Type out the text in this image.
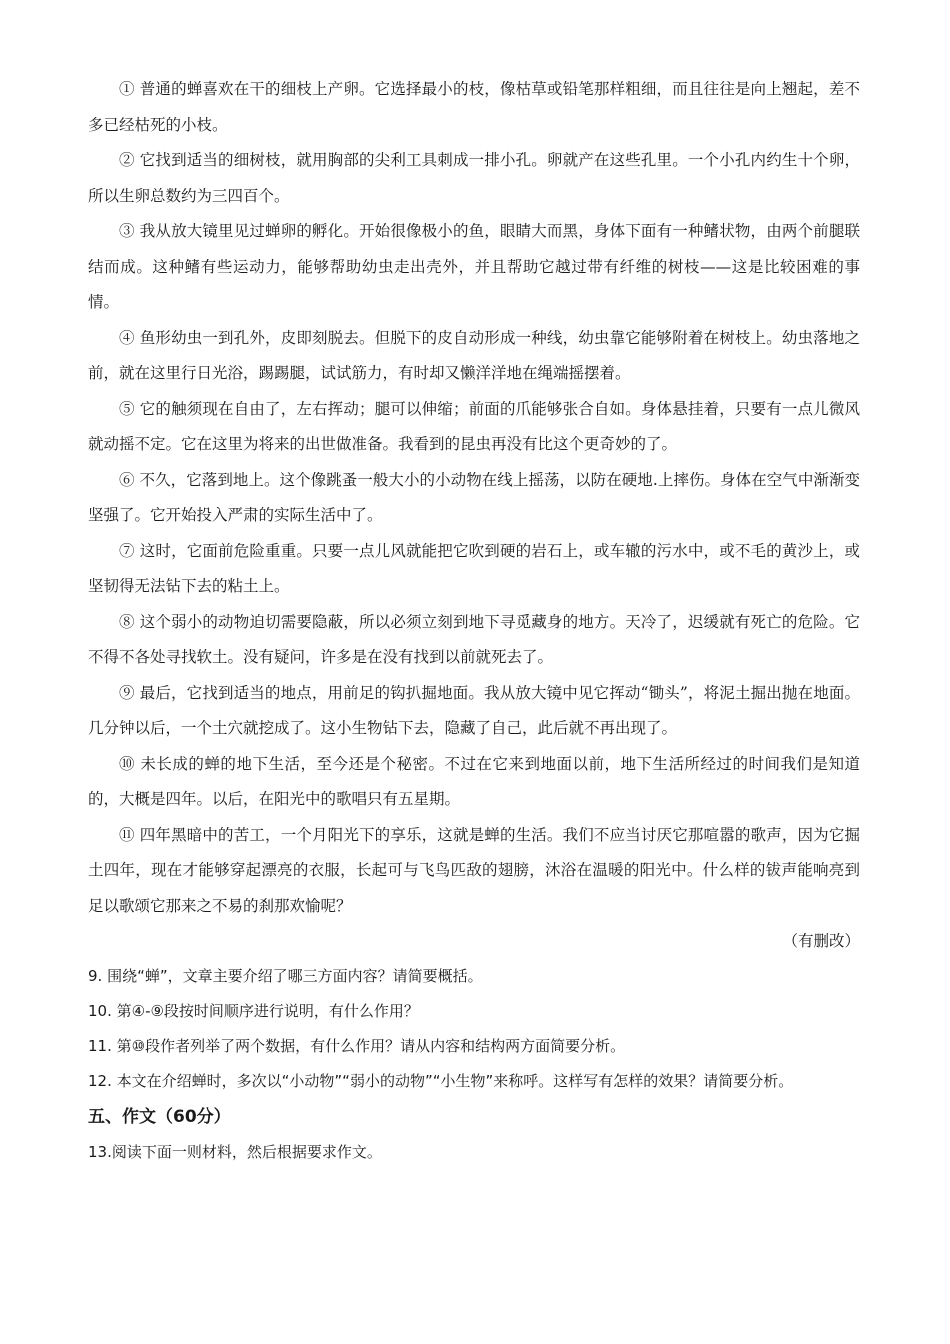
① 普通的蝉喜欢在干的细枝上产卵。它选择最小的枝，像枯草或铅笔那样粗细，而且往往是向上翘起，差不多已经枯死的小枝。

② 它找到适当的细树枝，就用胸部的尖利工具刺成一排小孔。卵就产在这些孔里。一个小孔内约生十个卵，所以生卵总数约为三四百个。

③ 我从放大镜里见过蝉卵的孵化。开始很像极小的鱼，眼睛大而黑，身体下面有一种鳍状物，由两个前腿联结而成。这种鳍有些运动力，能够帮助幼虫走出壳外，并且帮助它越过带有纤维的树枝——这是比较困难的事情。

④ 鱼形幼虫一到孔外，皮即刻脱去。但脱下的皮自动形成一种线，幼虫靠它能够附着在树枝上。幼虫落地之前，就在这里行日光浴，踢踢腿，试试筋力，有时却又懒洋洋地在绳端摇摆着。

⑤ 它的触须现在自由了，左右挥动；腿可以伸缩；前面的爪能够张合自如。身体悬挂着，只要有一点儿微风就动摇不定。它在这里为将来的出世做准备。我看到的昆虫再没有比这个更奇妙的了。

⑥ 不久，它落到地上。这个像跳蚤一般大小的小动物在线上摇荡，以防在硬地.上摔伤。身体在空气中渐渐变坚强了。它开始投入严肃的实际生活中了。

⑦ 这时，它面前危险重重。只要一点儿风就能把它吹到硬的岩石上，或车辙的污水中，或不毛的黄沙上，或坚韧得无法钻下去的粘土上。

⑧ 这个弱小的动物迫切需要隐蔽，所以必须立刻到地下寻觅藏身的地方。天冷了，迟缓就有死亡的危险。它不得不各处寻找软土。没有疑问，许多是在没有找到以前就死去了。

⑨ 最后，它找到适当的地点，用前足的钩扒掘地面。我从放大镜中见它挥动“锄头”，将泥土掘出抛在地面。几分钟以后，一个土穴就挖成了。这小生物钻下去，隐藏了自己，此后就不再出现了。

⑩ 未长成的蝉的地下生活，至今还是个秘密。不过在它来到地面以前，地下生活所经过的时间我们是知道的，大概是四年。以后，在阳光中的歌唱只有五星期。

⑪ 四年黑暗中的苦工，一个月阳光下的享乐，这就是蝉的生活。我们不应当讨厌它那喧嚣的歌声，因为它掘土四年，现在才能够穿起漂亮的衣服，长起可与飞鸟匹敌的翅膀，沐浴在温暖的阳光中。什么样的钹声能响亮到足以歌颂它那来之不易的刹那欢愉呢？

（有删改）

9. 围绕“蝉”，文章主要介绍了哪三方面内容？请简要概括。

10. 第④-⑨段按时间顺序进行说明，有什么作用？

11. 第⑩段作者列举了两个数据，有什么作用？请从内容和结构两方面简要分析。

12. 本文在介绍蝉时，多次以“小动物”“弱小的动物”“小生物”来称呼。这样写有怎样的效果？请简要分析。

五、作文（60分）

13.阅读下面一则材料，然后根据要求作文。
